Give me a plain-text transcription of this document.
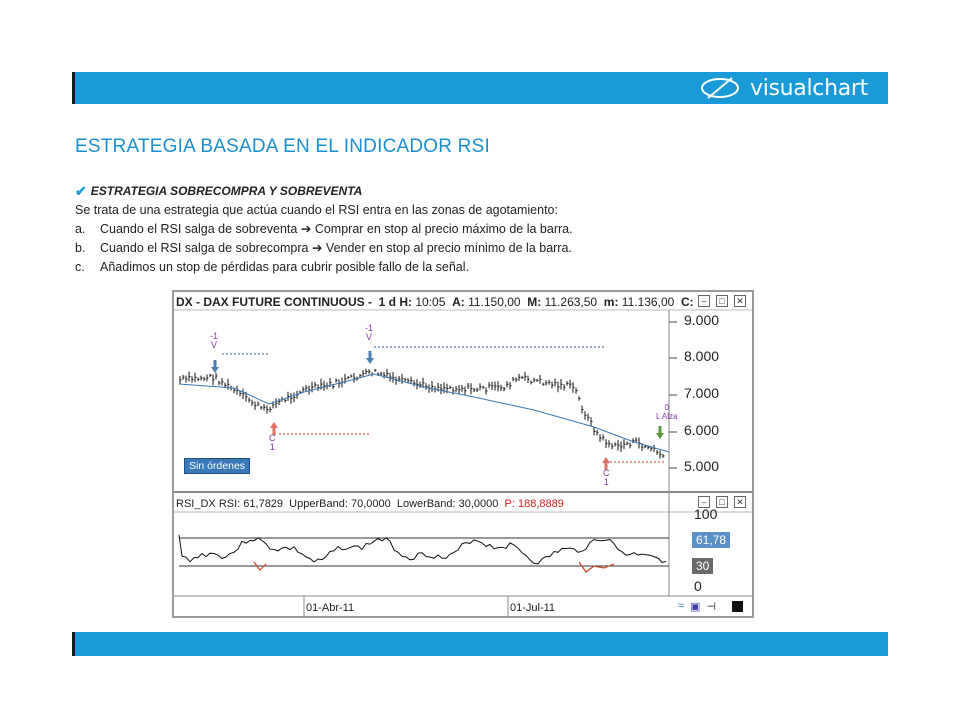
visualchart
ESTRATEGIA BASADA EN EL INDICADOR RSI
✔ ESTRATEGIA SOBRECOMPRA Y SOBREVENTA
Se trata de una estrategia que actúa cuando el RSI entra en las zonas de agotamiento:
a.	Cuando el RSI salga de sobreventa ➔ Comprar en stop al precio máximo de la barra.
b.	Cuando el RSI salga de sobrecompra ➔ Vender en stop al precio mínimo de la barra.
c.	Añadimos un stop de pérdidas para cubrir posible fallo de la señal.
DX - DAX FUTURE CONTINUOUS -
1 d
H:
10:05
A:
11.150,00
M:
11.263,50
m:
11.136,00
C: –	□	✕
9.000
8.000
7.000
6.000
5.000
Sin órdenes
RSI_DX
RSI:
61,7829
UpperBand:
70,0000
LowerBand:
30,0000
P: 188,8889	–	□	✕
100
0
61,78
30
01-Abr-11	01-Jul-11	≈ ▣ ⊣
-1
V
-1
V
C
1
C
1
0
L Alza
